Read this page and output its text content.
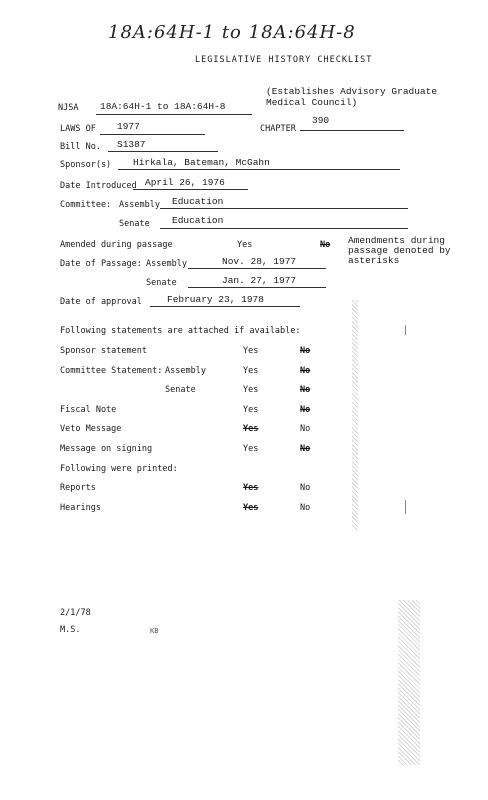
18A:64H-1 to 18A:64H-8
LEGISLATIVE HISTORY CHECKLIST
NJSA 18A:64H-1 to 18A:64H-8
(Establishes Advisory Graduate Medical Council)
LAWS OF 1977	CHAPTER
390
Bill No. S1387
Sponsor(s) Hirkala, Bateman, McGahn
Date Introduced April 26, 1976
Committee: Assembly Education
Senate Education
Amended during passage	Yes	No Amendments during passage denoted by asterisks
Date of Passage: Assembly	Nov. 28, 1977
Senate	Jan. 27, 1977
Date of approval	February 23, 1978
Following statements are attached if available:
Sponsor statement	Yes	No
Committee Statement: Assembly	Yes	No
Senate	Yes	No
Fiscal Note	Yes	No
Veto Message	Yes	No
Message on signing	Yes	No
Following were printed:
Reports	Yes	No
Hearings	Yes	No
2/1/78
M.S.	KB
